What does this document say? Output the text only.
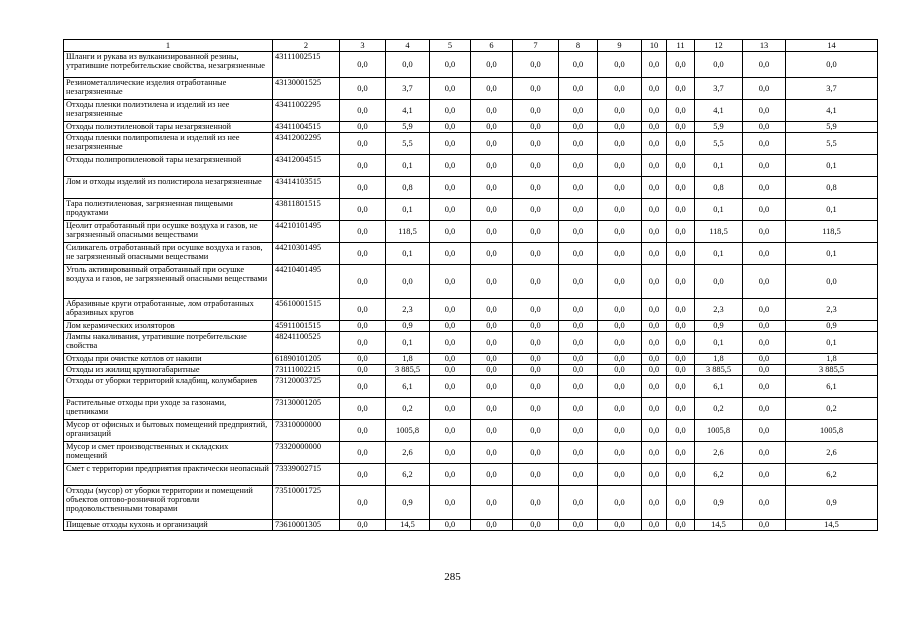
1	2	3	4	5	6	7	8	9	10	11	12	13	14
Шланги и рукава из вулканизированной резины, утратившие потребительские свойства, незагрязненные	43111002515	0,0	0,0	0,0	0,0	0,0	0,0	0,0	0,0	0,0	0,0	0,0	0,0
Резинометаллические изделия отработанные незагрязненные	43130001525	0,0	3,7	0,0	0,0	0,0	0,0	0,0	0,0	0,0	3,7	0,0	3,7
Отходы пленки полиэтилена и изделий из нее незагрязненные	43411002295	0,0	4,1	0,0	0,0	0,0	0,0	0,0	0,0	0,0	4,1	0,0	4,1
Отходы полиэтиленовой тары незагрязненной	43411004515	0,0	5,9	0,0	0,0	0,0	0,0	0,0	0,0	0,0	5,9	0,0	5,9
Отходы пленки полипропилена и изделий из нее незагрязненные	43412002295	0,0	5,5	0,0	0,0	0,0	0,0	0,0	0,0	0,0	5,5	0,0	5,5
Отходы полипропиленовой тары незагрязненной	43412004515	0,0	0,1	0,0	0,0	0,0	0,0	0,0	0,0	0,0	0,1	0,0	0,1
Лом и отходы изделий из полистирола незагрязненные	43414103515	0,0	0,8	0,0	0,0	0,0	0,0	0,0	0,0	0,0	0,8	0,0	0,8
Тара полиэтиленовая, загрязненная пищевыми продуктами	43811801515	0,0	0,1	0,0	0,0	0,0	0,0	0,0	0,0	0,0	0,1	0,0	0,1
Цеолит отработанный при осушке воздуха и газов, не загрязненный опасными веществами	44210101495	0,0	118,5	0,0	0,0	0,0	0,0	0,0	0,0	0,0	118,5	0,0	118,5
Силикагель отработанный при осушке воздуха и газов, не загрязненный опасными веществами	44210301495	0,0	0,1	0,0	0,0	0,0	0,0	0,0	0,0	0,0	0,1	0,0	0,1
Уголь активированный отработанный при осушке воздуха и газов, не загрязненный опасными веществами	44210401495	0,0	0,0	0,0	0,0	0,0	0,0	0,0	0,0	0,0	0,0	0,0	0,0
Абразивные круги отработанные, лом отработанных абразивных кругов	45610001515	0,0	2,3	0,0	0,0	0,0	0,0	0,0	0,0	0,0	2,3	0,0	2,3
Лом керамических изоляторов	45911001515	0,0	0,9	0,0	0,0	0,0	0,0	0,0	0,0	0,0	0,9	0,0	0,9
Лампы накаливания, утратившие потребительские свойства	48241100525	0,0	0,1	0,0	0,0	0,0	0,0	0,0	0,0	0,0	0,1	0,0	0,1
Отходы при очистке котлов от накипи	61890101205	0,0	1,8	0,0	0,0	0,0	0,0	0,0	0,0	0,0	1,8	0,0	1,8
Отходы из жилищ крупногабаритные	73111002215	0,0	3 885,5	0,0	0,0	0,0	0,0	0,0	0,0	0,0	3 885,5	0,0	3 885,5
Отходы от уборки территорий кладбищ, колумбариев	73120003725	0,0	6,1	0,0	0,0	0,0	0,0	0,0	0,0	0,0	6,1	0,0	6,1
Растительные отходы при уходе за газонами, цветниками	73130001205	0,0	0,2	0,0	0,0	0,0	0,0	0,0	0,0	0,0	0,2	0,0	0,2
Мусор от офисных и бытовых помещений предприятий, организаций	73310000000	0,0	1005,8	0,0	0,0	0,0	0,0	0,0	0,0	0,0	1005,8	0,0	1005,8
Мусор и смет производственных и складских помещений	73320000000	0,0	2,6	0,0	0,0	0,0	0,0	0,0	0,0	0,0	2,6	0,0	2,6
Смет с территории предприятия практически неопасный	73339002715	0,0	6,2	0,0	0,0	0,0	0,0	0,0	0,0	0,0	6,2	0,0	6,2
Отходы (мусор) от уборки территории и помещений объектов оптово-розничной торговли продовольственными товарами	73510001725	0,0	0,9	0,0	0,0	0,0	0,0	0,0	0,0	0,0	0,9	0,0	0,9
Пищевые отходы кухонь и организаций	73610001305	0,0	14,5	0,0	0,0	0,0	0,0	0,0	0,0	0,0	14,5	0,0	14,5
285
